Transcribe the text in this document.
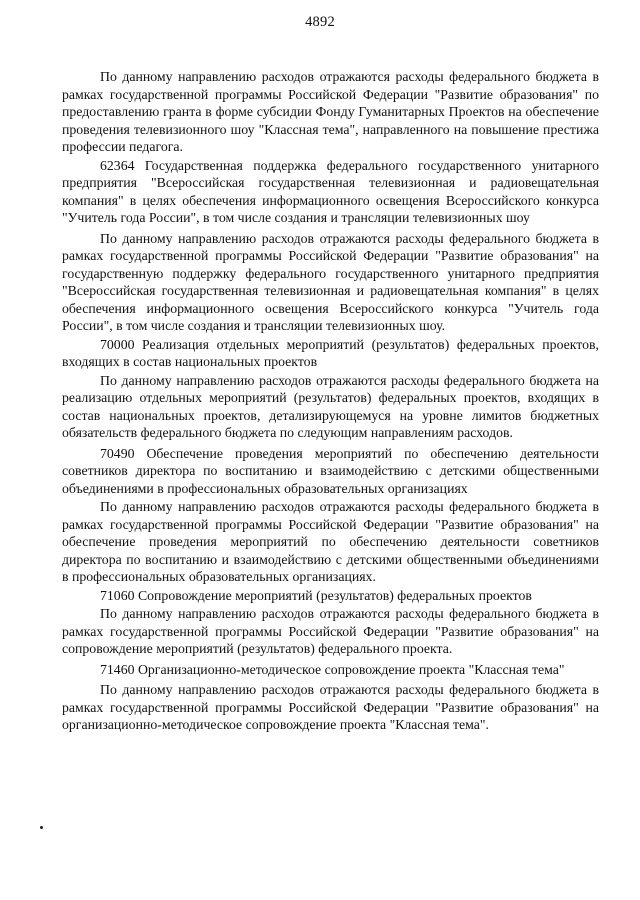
4892

По данному направлению расходов отражаются расходы федерального бюджета в рамках государственной программы Российской Федерации "Развитие образования" по предоставлению гранта в форме субсидии Фонду Гуманитарных Проектов на обеспечение проведения телевизионного шоу "Классная тема", направленного на повышение престижа профессии педагога.

62364 Государственная поддержка федерального государственного унитарного предприятия "Всероссийская государственная телевизионная и радиовещательная компания" в целях обеспечения информационного освещения Всероссийского конкурса "Учитель года России", в том числе создания и трансляции телевизионных шоу

По данному направлению расходов отражаются расходы федерального бюджета в рамках государственной программы Российской Федерации "Развитие образования" на государственную поддержку федерального государственного унитарного предприятия "Всероссийская государственная телевизионная и радиовещательная компания" в целях обеспечения информационного освещения Всероссийского конкурса "Учитель года России", в том числе создания и трансляции телевизионных шоу.

70000 Реализация отдельных мероприятий (результатов) федеральных проектов, входящих в состав национальных проектов

По данному направлению расходов отражаются расходы федерального бюджета на реализацию отдельных мероприятий (результатов) федеральных проектов, входящих в состав национальных проектов, детализирующемуся на уровне лимитов бюджетных обязательств федерального бюджета по следующим направлениям расходов.

70490 Обеспечение проведения мероприятий по обеспечению деятельности советников директора по воспитанию и взаимодействию с детскими общественными объединениями в профессиональных образовательных организациях

По данному направлению расходов отражаются расходы федерального бюджета в рамках государственной программы Российской Федерации "Развитие образования" на обеспечение проведения мероприятий по обеспечению деятельности советников директора по воспитанию и взаимодействию с детскими общественными объединениями в профессиональных образовательных организациях.

71060 Сопровождение мероприятий (результатов) федеральных проектов

По данному направлению расходов отражаются расходы федерального бюджета в рамках государственной программы Российской Федерации "Развитие образования" на сопровождение мероприятий (результатов) федерального проекта.

71460 Организационно-методическое сопровождение проекта "Классная тема"

По данному направлению расходов отражаются расходы федерального бюджета в рамках государственной программы Российской Федерации "Развитие образования" на организационно-методическое сопровождение проекта "Классная тема".
